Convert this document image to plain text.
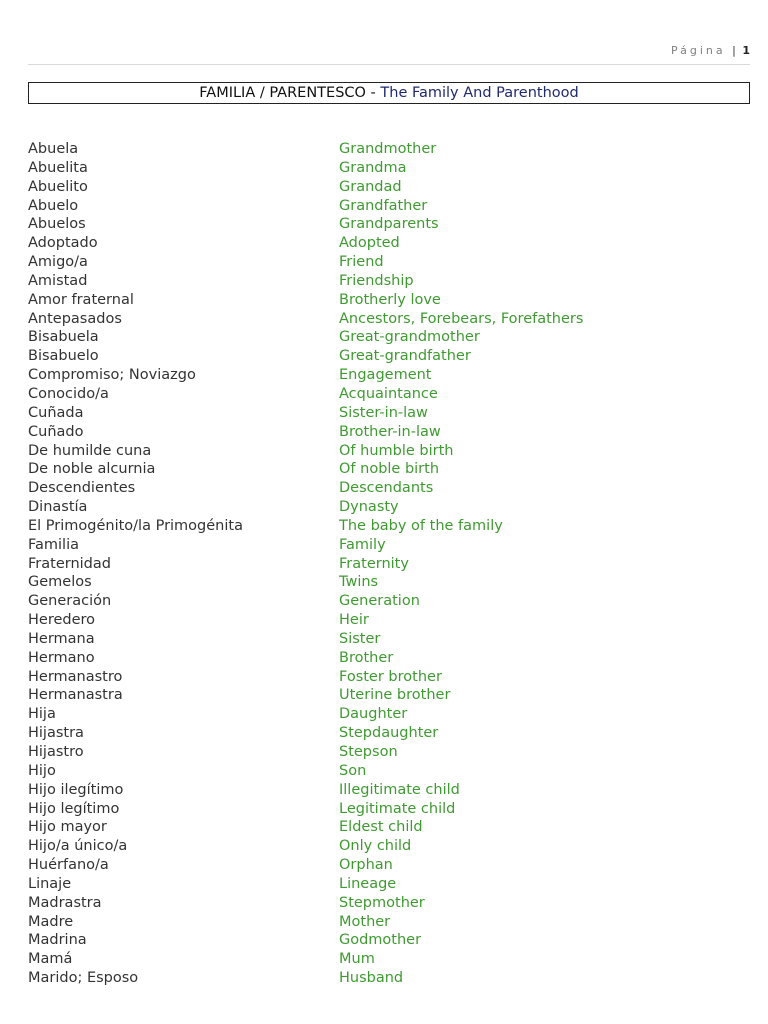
Página | 1
FAMILIA / PARENTESCO - The Family And Parenthood
Abuela	Grandmother
Abuelita	Grandma
Abuelito	Grandad
Abuelo	Grandfather
Abuelos	Grandparents
Adoptado	Adopted
Amigo/a	Friend
Amistad	Friendship
Amor fraternal	Brotherly love
Antepasados	Ancestors, Forebears, Forefathers
Bisabuela	Great-grandmother
Bisabuelo	Great-grandfather
Compromiso; Noviazgo	Engagement
Conocido/a	Acquaintance
Cuñada	Sister-in-law
Cuñado	Brother-in-law
De humilde cuna	Of humble birth
De noble alcurnia	Of noble birth
Descendientes	Descendants
Dinastía	Dynasty
El Primogénito/la Primogénita	The baby of the family
Familia	Family
Fraternidad	Fraternity
Gemelos	Twins
Generación	Generation
Heredero	Heir
Hermana	Sister
Hermano	Brother
Hermanastro	Foster brother
Hermanastra	Uterine brother
Hija	Daughter
Hijastra	Stepdaughter
Hijastro	Stepson
Hijo	Son
Hijo ilegítimo	Illegitimate child
Hijo legítimo	Legitimate child
Hijo mayor	Eldest child
Hijo/a único/a	Only child
Huérfano/a	Orphan
Linaje	Lineage
Madrastra	Stepmother
Madre	Mother
Madrina	Godmother
Mamá	Mum
Marido; Esposo	Husband
